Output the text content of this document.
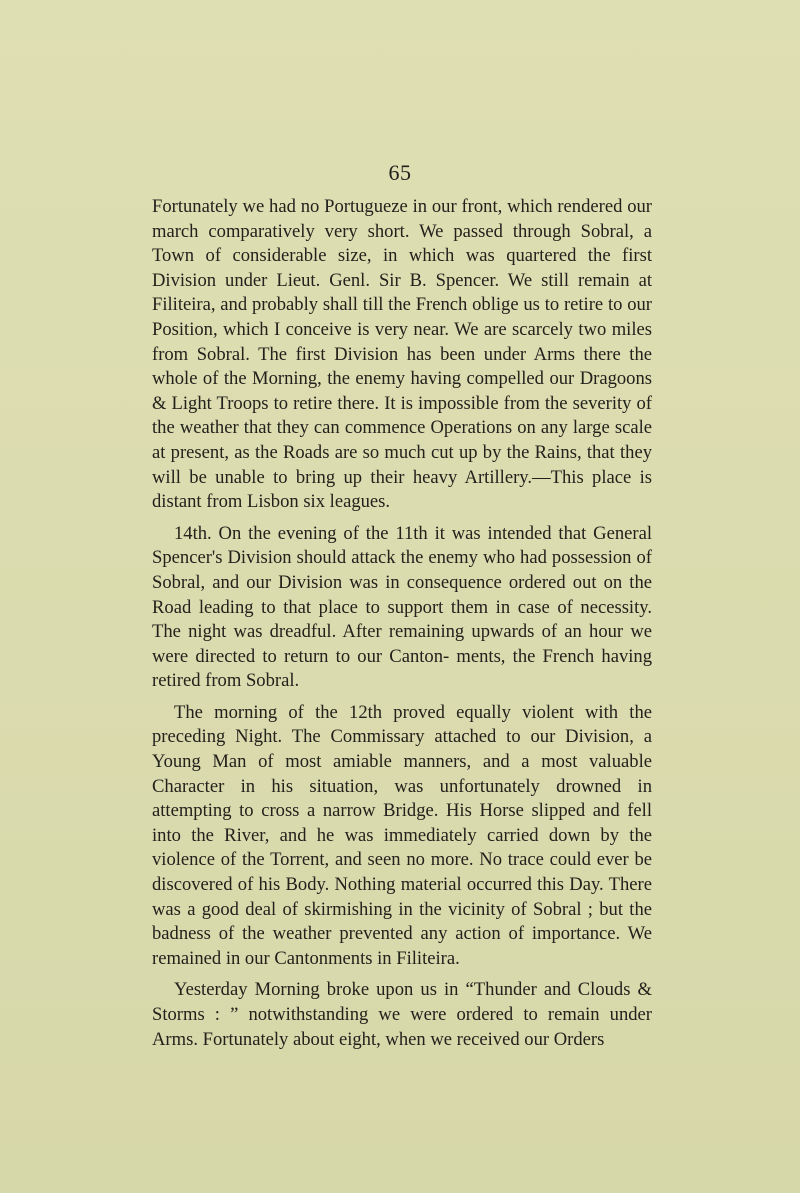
65

Fortunately we had no Portugueze in our front, which rendered our march comparatively very short. We passed through Sobral, a Town of considerable size, in which was quartered the first Division under Lieut. Genl. Sir B. Spencer. We still remain at Filiteira, and probably shall till the French oblige us to retire to our Position, which I conceive is very near. We are scarcely two miles from Sobral. The first Division has been under Arms there the whole of the Morning, the enemy having compelled our Dragoons & Light Troops to retire there. It is impossible from the severity of the weather that they can commence Operations on any large scale at present, as the Roads are so much cut up by the Rains, that they will be unable to bring up their heavy Artillery.—This place is distant from Lisbon six leagues.

14th. On the evening of the 11th it was intended that General Spencer's Division should attack the enemy who had possession of Sobral, and our Division was in consequence ordered out on the Road leading to that place to support them in case of necessity. The night was dreadful. After remaining upwards of an hour we were directed to return to our Canton- ments, the French having retired from Sobral.

The morning of the 12th proved equally violent with the preceding Night. The Commissary attached to our Division, a Young Man of most amiable manners, and a most valuable Character in his situation, was unfortunately drowned in attempting to cross a narrow Bridge. His Horse slipped and fell into the River, and he was immediately carried down by the violence of the Torrent, and seen no more. No trace could ever be discovered of his Body. Nothing material occurred this Day. There was a good deal of skirmishing in the vicinity of Sobral ; but the badness of the weather prevented any action of importance. We remained in our Cantonments in Filiteira.

Yesterday Morning broke upon us in “Thunder and Clouds & Storms : ” notwithstanding we were ordered to remain under Arms. Fortunately about eight, when we received our Orders
